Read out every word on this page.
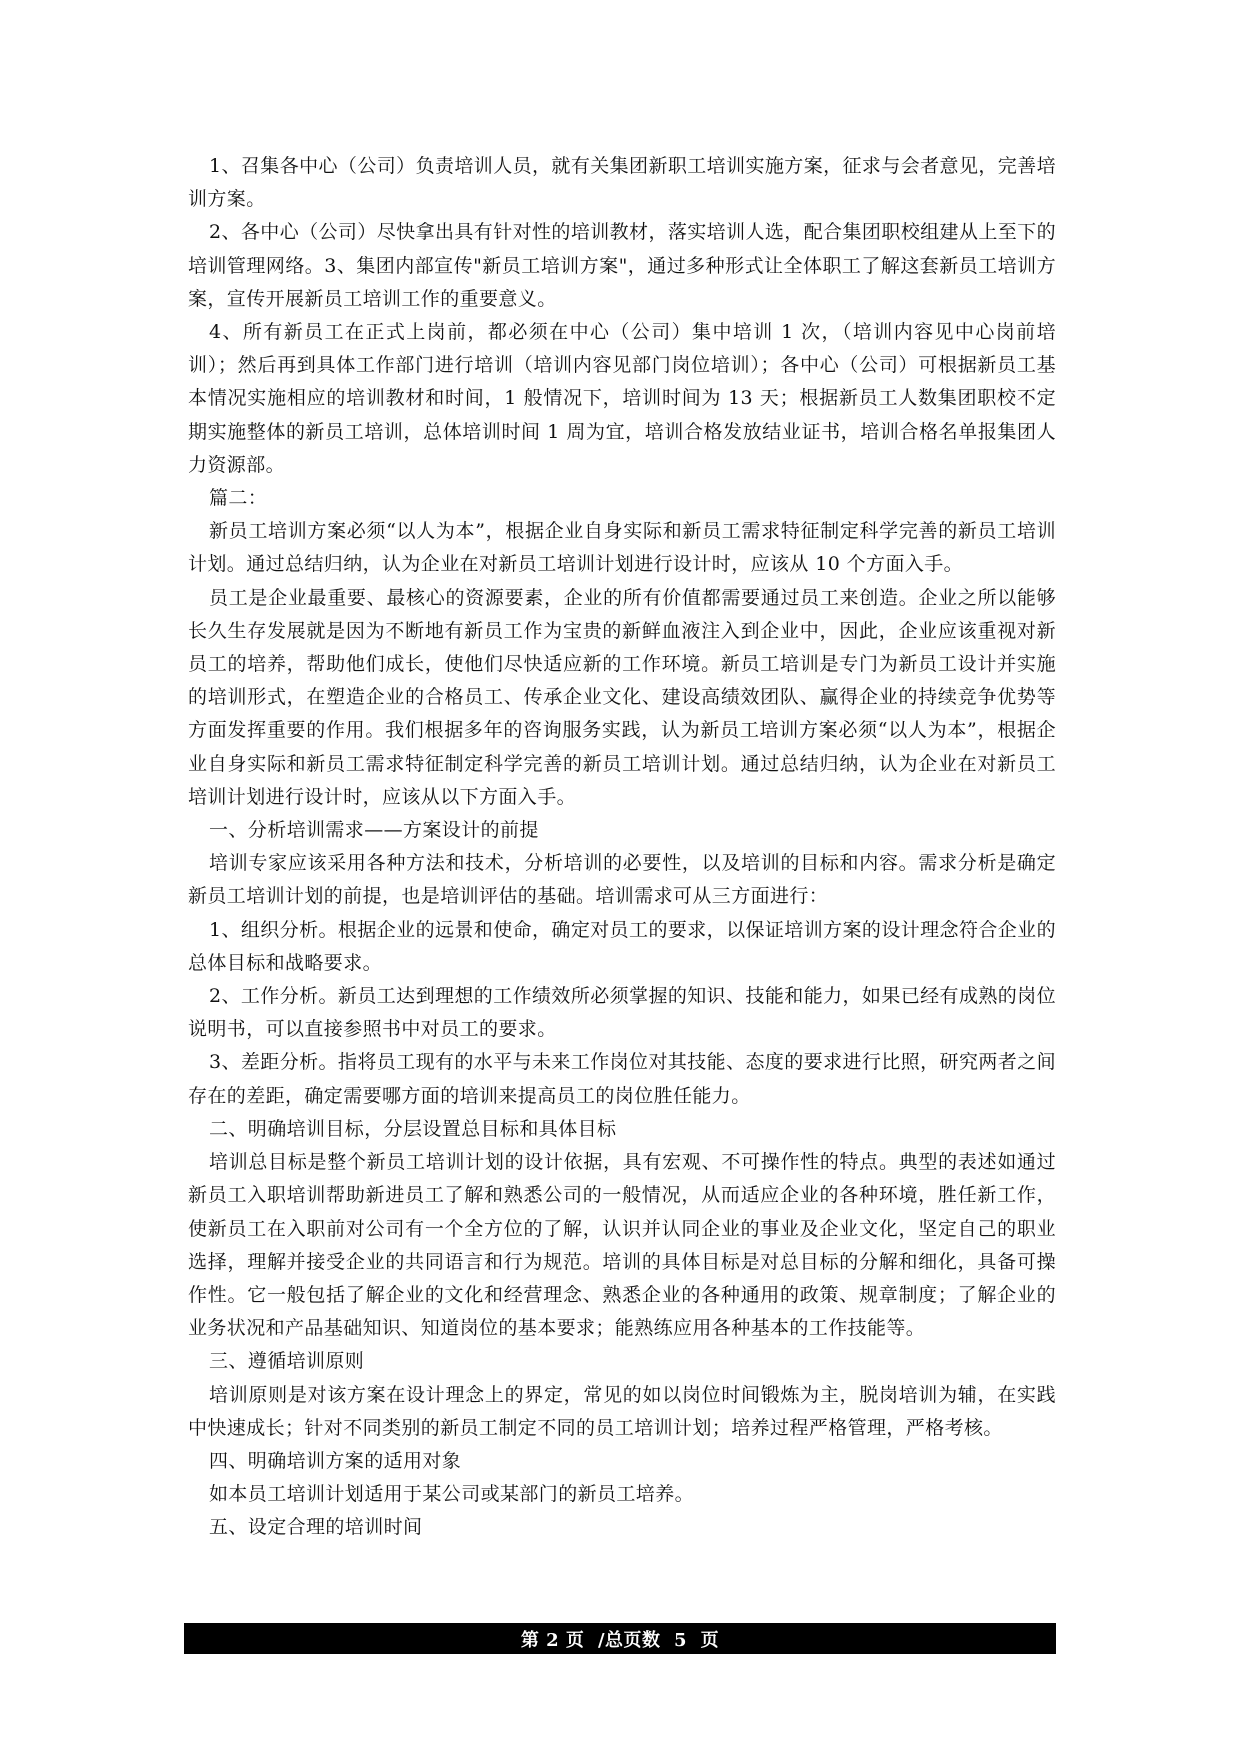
1、召集各中心（公司）负责培训人员，就有关集团新职工培训实施方案，征求与会者意见，完善培训方案。

2、各中心（公司）尽快拿出具有针对性的培训教材，落实培训人选，配合集团职校组建从上至下的培训管理网络。3、集团内部宣传"新员工培训方案"，通过多种形式让全体职工了解这套新员工培训方案，宣传开展新员工培训工作的重要意义。

4、所有新员工在正式上岗前，都必须在中心（公司）集中培训 1 次，（培训内容见中心岗前培训）；然后再到具体工作部门进行培训（培训内容见部门岗位培训）；各中心（公司）可根据新员工基本情况实施相应的培训教材和时间，1 般情况下，培训时间为 13 天；根据新员工人数集团职校不定期实施整体的新员工培训，总体培训时间 1 周为宜，培训合格发放结业证书，培训合格名单报集团人力资源部。

篇二：

新员工培训方案必须“以人为本”，根据企业自身实际和新员工需求特征制定科学完善的新员工培训计划。通过总结归纳，认为企业在对新员工培训计划进行设计时，应该从 10 个方面入手。

员工是企业最重要、最核心的资源要素，企业的所有价值都需要通过员工来创造。企业之所以能够长久生存发展就是因为不断地有新员工作为宝贵的新鲜血液注入到企业中，因此，企业应该重视对新员工的培养，帮助他们成长，使他们尽快适应新的工作环境。新员工培训是专门为新员工设计并实施的培训形式，在塑造企业的合格员工、传承企业文化、建设高绩效团队、赢得企业的持续竞争优势等方面发挥重要的作用。我们根据多年的咨询服务实践，认为新员工培训方案必须“以人为本”，根据企业自身实际和新员工需求特征制定科学完善的新员工培训计划。通过总结归纳，认为企业在对新员工培训计划进行设计时，应该从以下方面入手。

一、分析培训需求——方案设计的前提

培训专家应该采用各种方法和技术，分析培训的必要性，以及培训的目标和内容。需求分析是确定新员工培训计划的前提，也是培训评估的基础。培训需求可从三方面进行：

1、组织分析。根据企业的远景和使命，确定对员工的要求，以保证培训方案的设计理念符合企业的总体目标和战略要求。

2、工作分析。新员工达到理想的工作绩效所必须掌握的知识、技能和能力，如果已经有成熟的岗位说明书，可以直接参照书中对员工的要求。

3、差距分析。指将员工现有的水平与未来工作岗位对其技能、态度的要求进行比照，研究两者之间存在的差距，确定需要哪方面的培训来提高员工的岗位胜任能力。

二、明确培训目标，分层设置总目标和具体目标

培训总目标是整个新员工培训计划的设计依据，具有宏观、不可操作性的特点。典型的表述如通过新员工入职培训帮助新进员工了解和熟悉公司的一般情况，从而适应企业的各种环境，胜任新工作，使新员工在入职前对公司有一个全方位的了解，认识并认同企业的事业及企业文化，坚定自己的职业选择，理解并接受企业的共同语言和行为规范。培训的具体目标是对总目标的分解和细化，具备可操作性。它一般包括了解企业的文化和经营理念、熟悉企业的各种通用的政策、规章制度；了解企业的业务状况和产品基础知识、知道岗位的基本要求；能熟练应用各种基本的工作技能等。

三、遵循培训原则

培训原则是对该方案在设计理念上的界定，常见的如以岗位时间锻炼为主，脱岗培训为辅，在实践中快速成长；针对不同类别的新员工制定不同的员工培训计划；培养过程严格管理，严格考核。

四、明确培训方案的适用对象

如本员工培训计划适用于某公司或某部门的新员工培养。

五、设定合理的培训时间

第 2 页  /总页数  5  页
